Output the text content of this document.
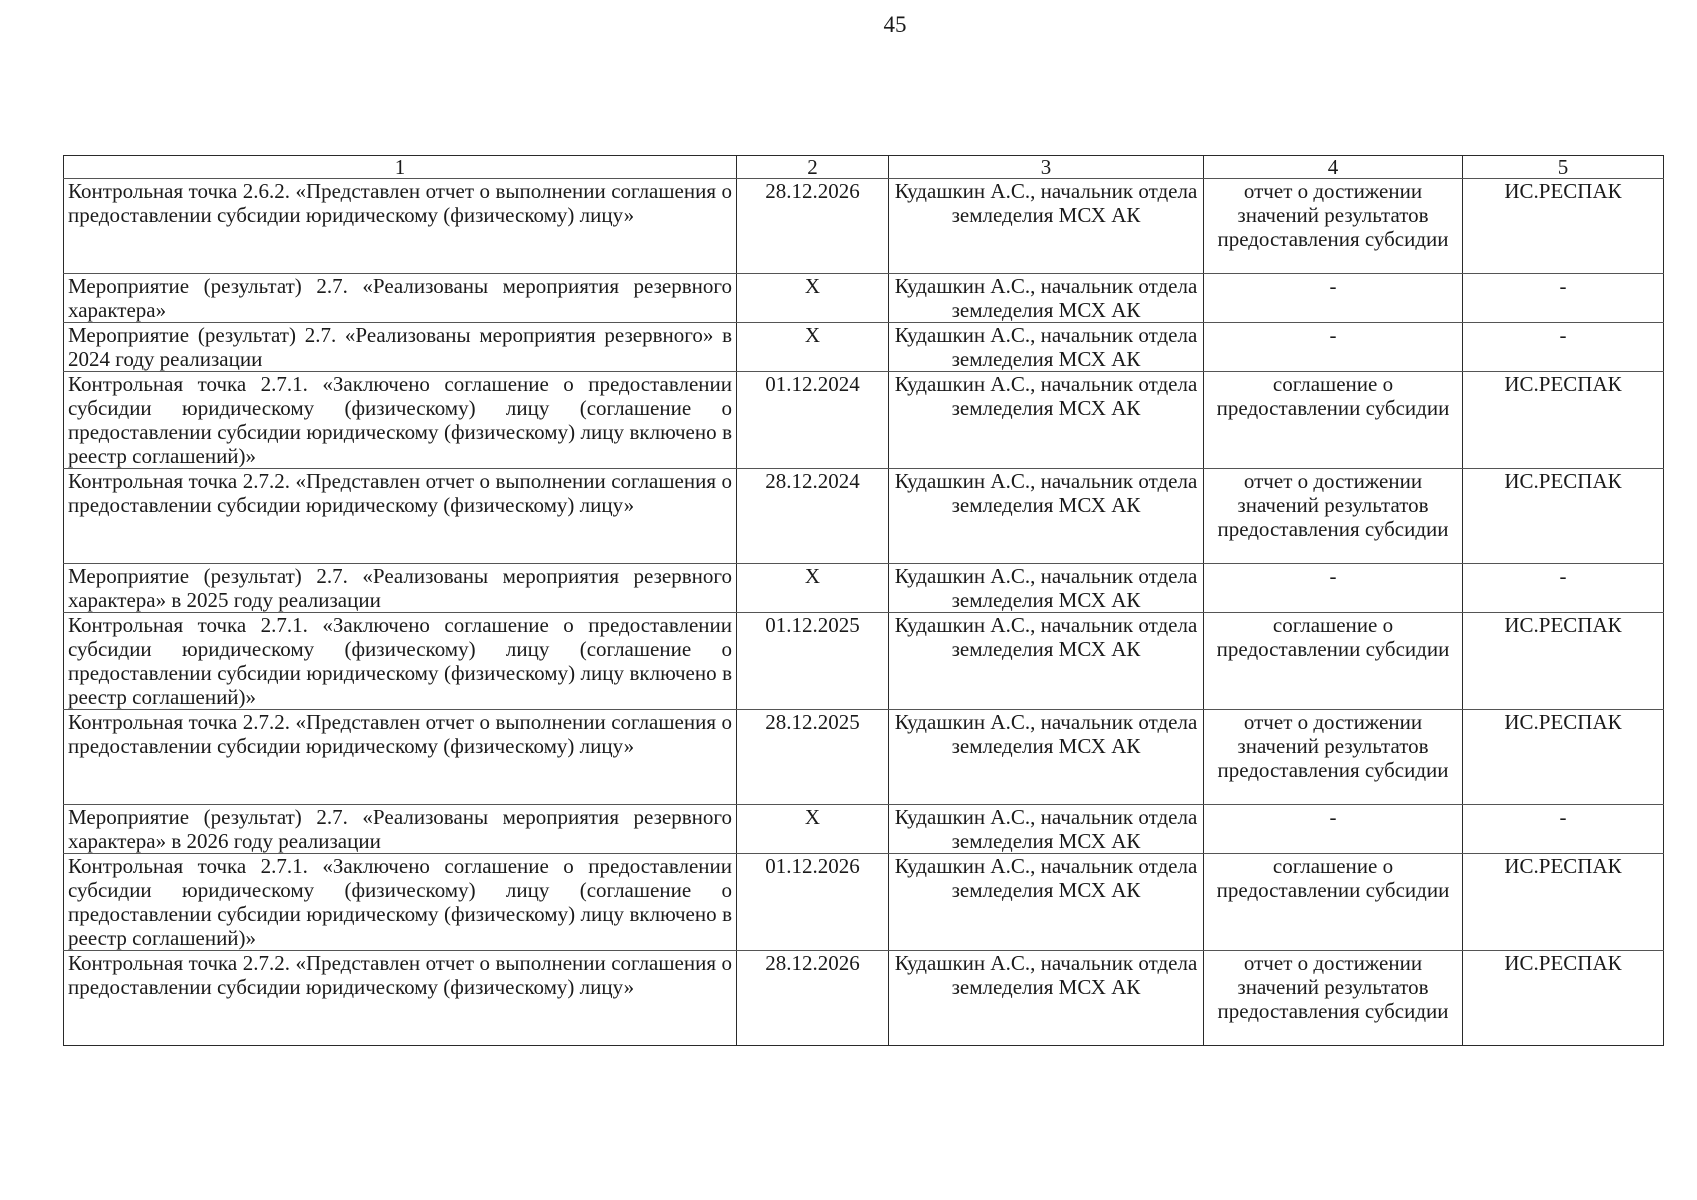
45
1	2	3	4	5
Контрольная точка 2.6.2. «Представлен отчет о выполнении соглашения о предоставлении субсидии юридическому (физическому) лицу»	28.12.2026	Кудашкин А.С., начальник отдела земледелия МСХ АК	отчет о достижении значений результатов предоставления субсидии	ИС.РЕСПАК
Мероприятие (результат) 2.7. «Реализованы мероприятия резервного характера»	X	Кудашкин А.С., начальник отдела земледелия МСХ АК	-	-
Мероприятие (результат) 2.7. «Реализованы мероприятия резервного» в 2024 году реализации	X	Кудашкин А.С., начальник отдела земледелия МСХ АК	-	-
Контрольная точка 2.7.1. «Заключено соглашение о предоставлении субсидии юридическому (физическому) лицу (соглашение о предоставлении субсидии юридическому (физическому) лицу включено в реестр соглашений)»	01.12.2024	Кудашкин А.С., начальник отдела земледелия МСХ АК	соглашение о предоставлении субсидии	ИС.РЕСПАК
Контрольная точка 2.7.2. «Представлен отчет о выполнении соглашения о предоставлении субсидии юридическому (физическому) лицу»	28.12.2024	Кудашкин А.С., начальник отдела земледелия МСХ АК	отчет о достижении значений результатов предоставления субсидии	ИС.РЕСПАК
Мероприятие (результат) 2.7. «Реализованы мероприятия резервного характера» в 2025 году реализации	X	Кудашкин А.С., начальник отдела земледелия МСХ АК	-	-
Контрольная точка 2.7.1. «Заключено соглашение о предоставлении субсидии юридическому (физическому) лицу (соглашение о предоставлении субсидии юридическому (физическому) лицу включено в реестр соглашений)»	01.12.2025	Кудашкин А.С., начальник отдела земледелия МСХ АК	соглашение о предоставлении субсидии	ИС.РЕСПАК
Контрольная точка 2.7.2. «Представлен отчет о выполнении соглашения о предоставлении субсидии юридическому (физическому) лицу»	28.12.2025	Кудашкин А.С., начальник отдела земледелия МСХ АК	отчет о достижении значений результатов предоставления субсидии	ИС.РЕСПАК
Мероприятие (результат) 2.7. «Реализованы мероприятия резервного характера» в 2026 году реализации	X	Кудашкин А.С., начальник отдела земледелия МСХ АК	-	-
Контрольная точка 2.7.1. «Заключено соглашение о предоставлении субсидии юридическому (физическому) лицу (соглашение о предоставлении субсидии юридическому (физическому) лицу включено в реестр соглашений)»	01.12.2026	Кудашкин А.С., начальник отдела земледелия МСХ АК	соглашение о предоставлении субсидии	ИС.РЕСПАК
Контрольная точка 2.7.2. «Представлен отчет о выполнении соглашения о предоставлении субсидии юридическому (физическому) лицу»	28.12.2026	Кудашкин А.С., начальник отдела земледелия МСХ АК	отчет о достижении значений результатов предоставления субсидии	ИС.РЕСПАК
